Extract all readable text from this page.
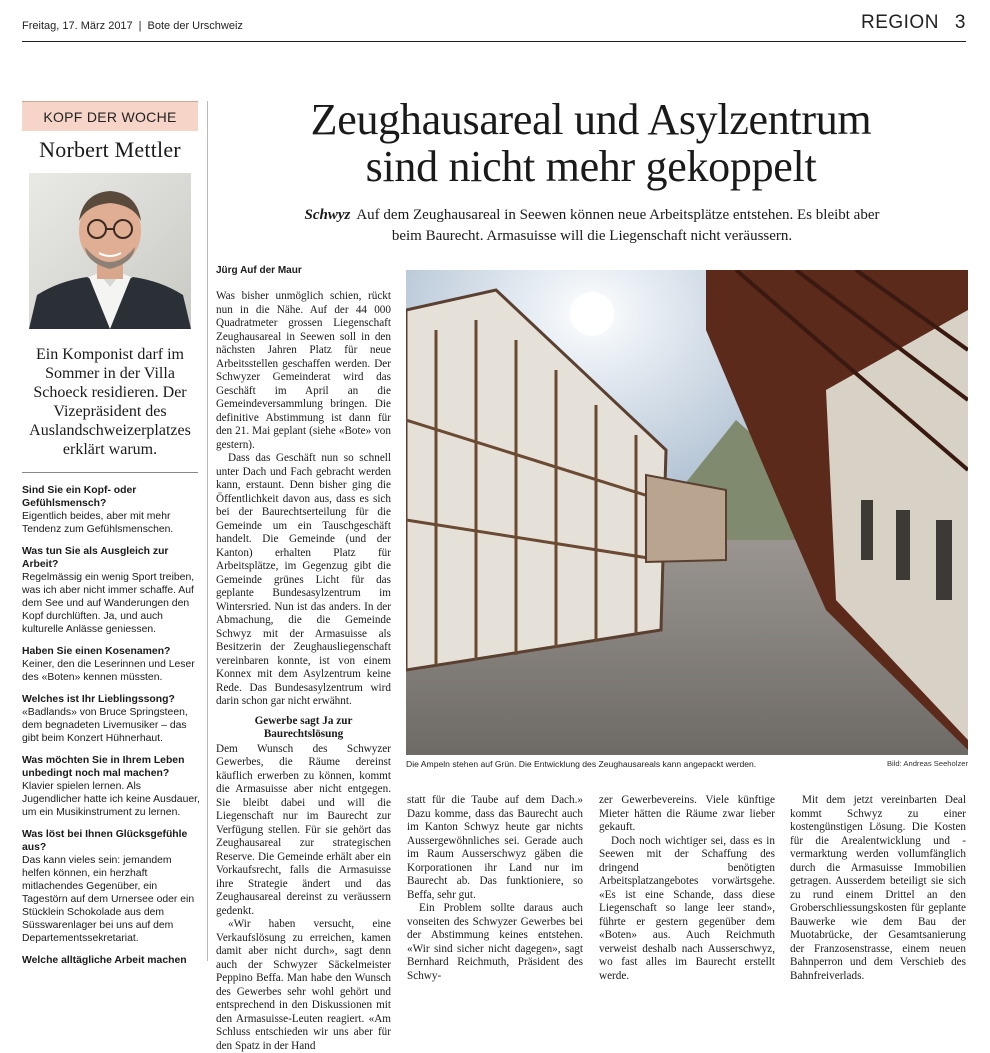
Freitag, 17. März 2017 | Bote der Urschweiz	REGION 3
KOPF DER WOCHE
Norbert Mettler
Ein Komponist darf im Sommer in der Villa Schoeck residieren. Der Vizepräsident des Auslandschweizerplatzes erklärt warum.
Sind Sie ein Kopf- oder Gefühlsmensch?
Eigentlich beides, aber mit mehr Tendenz zum Gefühlsmenschen.
Was tun Sie als Ausgleich zur Arbeit?
Regelmässig ein wenig Sport treiben, was ich aber nicht immer schaffe. Auf dem See und auf Wanderungen den Kopf durchlüften. Ja, und auch kulturelle Anlässe geniessen.
Haben Sie einen Kosenamen?
Keiner, den die Leserinnen und Leser des «Boten» kennen müssten.
Welches ist Ihr Lieblingssong?
«Badlands» von Bruce Springsteen, dem begnadeten Livemusiker – das gibt beim Konzert Hühnerhaut.
Was möchten Sie in Ihrem Leben unbedingt noch mal machen?
Klavier spielen lernen. Als Jugendlicher hatte ich keine Ausdauer, um ein Musikinstrument zu lernen.
Was löst bei Ihnen Glücksgefühle aus?
Das kann vieles sein: jemandem helfen können, ein herzhaft mitlachendes Gegenüber, ein Tagestörn auf dem Urnersee oder ein Stücklein Schokolade aus dem Süsswarenlager bei uns auf dem Departementssekretariat.
Welche alltägliche Arbeit machen
Zeughausareal und Asylzentrum
sind nicht mehr gekoppelt
Schwyz Auf dem Zeughausareal in Seewen können neue Arbeitsplätze entstehen. Es bleibt aber
beim Baurecht. Armasuisse will die Liegenschaft nicht veräussern.
Jürg Auf der Maur

Was bisher unmöglich schien, rückt nun in die Nähe. Auf der 44 000 Quadratmeter grossen Liegenschaft Zeughausareal in Seewen soll in den nächsten Jahren Platz für neue Arbeitsstellen geschaffen werden. Der Schwyzer Gemeinderat wird das Geschäft im April an die Gemeindeversammlung bringen. Die definitive Abstimmung ist dann für den 21. Mai geplant (siehe «Bote» von gestern).

Dass das Geschäft nun so schnell unter Dach und Fach gebracht werden kann, erstaunt. Denn bisher ging die Öffentlichkeit davon aus, dass es sich bei der Baurechtserteilung für die Gemeinde um ein Tauschgeschäft handelt. Die Gemeinde (und der Kanton) erhalten Platz für Arbeitsplätze, im Gegenzug gibt die Gemeinde grünes Licht für das geplante Bundesasylzentrum im Wintersried. Nun ist das anders. In der Abmachung, die die Gemeinde Schwyz mit der Armasuisse als Besitzerin der Zeughausliegenschaft vereinbaren konnte, ist von einem Konnex mit dem Asylzentrum keine Rede. Das Bundesasylzentrum wird darin schon gar nicht erwähnt.

Gewerbe sagt Ja zur
Baurechtslösung

Dem Wunsch des Schwyzer Gewerbes, die Räume dereinst käuflich erwerben zu können, kommt die Armasuisse aber nicht entgegen. Sie bleibt dabei und will die Liegenschaft nur im Baurecht zur Verfügung stellen. Für sie gehört das Zeughausareal zur strategischen Reserve. Die Gemeinde erhält aber ein Vorkaufsrecht, falls die Armasuisse ihre Strategie ändert und das Zeughausareal dereinst zu veräussern gedenkt.

«Wir haben versucht, eine Verkaufslösung zu erreichen, kamen damit aber nicht durch», sagt denn auch der Schwyzer Säckelmeister Peppino Beffa. Man habe den Wunsch des Gewerbes sehr wohl gehört und entsprechend in den Diskussionen mit den Armasuisse-Leuten reagiert. «Am Schluss entschieden wir uns aber für den Spatz in der Hand

Die Ampeln stehen auf Grün. Die Entwicklung des Zeughausareals kann angepackt werden.	Bild: Andreas Seeholzer

statt für die Taube auf dem Dach.» Dazu komme, dass das Baurecht auch im Kanton Schwyz heute gar nichts Aussergewöhnliches sei. Gerade auch im Raum Ausserschwyz gäben die Korporationen ihr Land nur im Baurecht ab. Das funktioniere, so Beffa, sehr gut.

Ein Problem sollte daraus auch vonseiten des Schwyzer Gewerbes bei der Abstimmung keines entstehen. «Wir sind sicher nicht dagegen», sagt Bernhard Reichmuth, Präsident des Schwy-

zer Gewerbevereins. Viele künftige Mieter hätten die Räume zwar lieber gekauft.

Doch noch wichtiger sei, dass es in Seewen mit der Schaffung des dringend benötigten Arbeitsplatzangebotes vorwärtsgehe. «Es ist eine Schande, dass diese Liegenschaft so lange leer stand», führte er gestern gegenüber dem «Boten» aus. Auch Reichmuth verweist deshalb nach Ausserschwyz, wo fast alles im Baurecht erstellt werde.

Mit dem jetzt vereinbarten Deal kommt Schwyz zu einer kostengünstigen Lösung. Die Kosten für die Arealentwicklung und -vermarktung werden vollumfänglich durch die Armasuisse Immobilien getragen. Ausserdem beteiligt sie sich zu rund einem Drittel an den Groberschliessungskosten für geplante Bauwerke wie dem Bau der Muotabrücke, der Gesamtsanierung der Franzosenstrasse, einem neuen Bahnperron und dem Verschieb des Bahnfreiverlads.
